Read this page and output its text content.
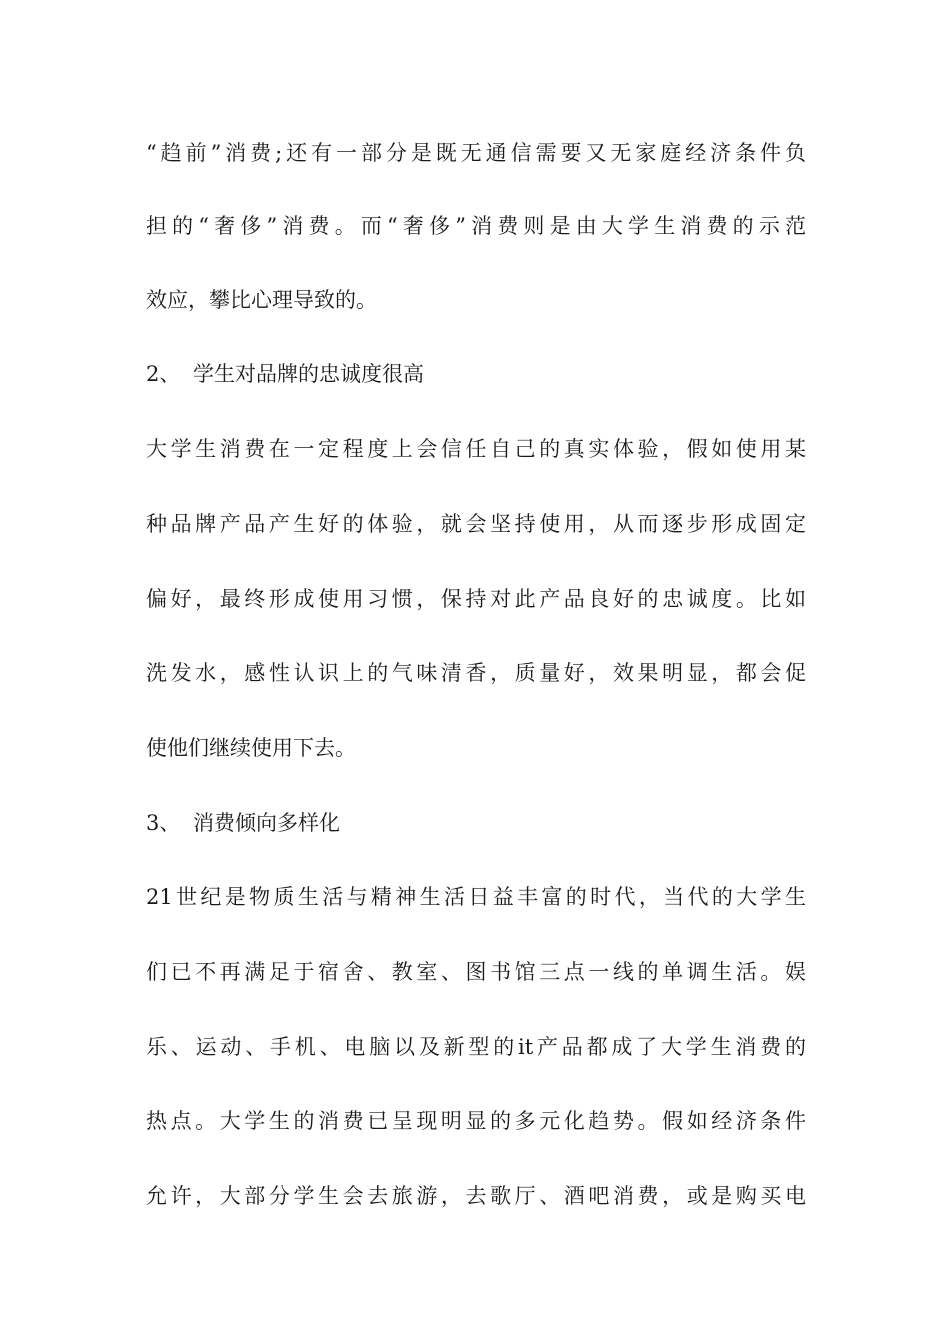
“趋前”消费;还有一部分是既无通信需要又无家庭经济条件负
担的“奢侈”消费。而“奢侈”消费则是由大学生消费的示范
效应，攀比心理导致的。
2、 学生对品牌的忠诚度很高
大学生消费在一定程度上会信任自己的真实体验，假如使用某
种品牌产品产生好的体验，就会坚持使用，从而逐步形成固定
偏好，最终形成使用习惯，保持对此产品良好的忠诚度。比如
洗发水，感性认识上的气味清香，质量好，效果明显，都会促
使他们继续使用下去。
3、 消费倾向多样化
21世纪是物质生活与精神生活日益丰富的时代，当代的大学生
们已不再满足于宿舍、教室、图书馆三点一线的单调生活。娱
乐、运动、手机、电脑以及新型的it产品都成了大学生消费的
热点。大学生的消费已呈现明显的多元化趋势。假如经济条件
允许，大部分学生会去旅游，去歌厅、酒吧消费，或是购买电
